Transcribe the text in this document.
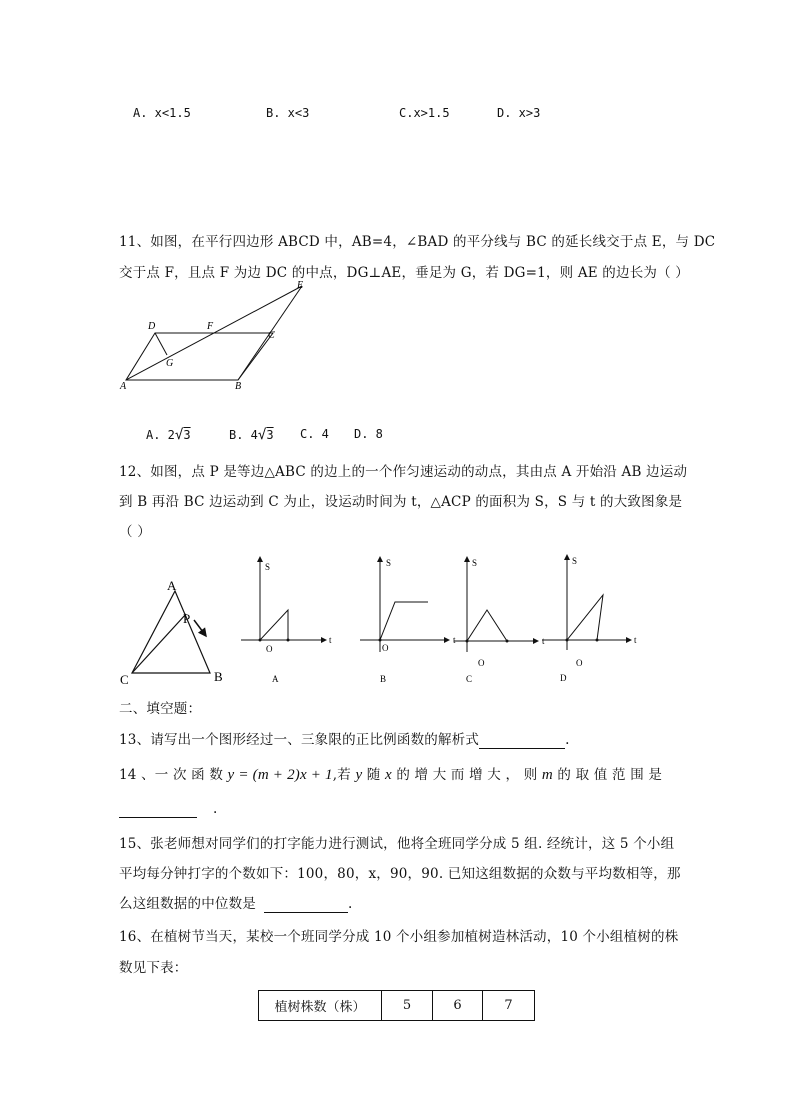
A. x<1.5	B. x<3	C.x>1.5	D. x>3
11、如图，在平行四边形 ABCD 中，AB=4，∠BAD 的平分线与 BC 的延长线交于点 E，与 DC
交于点 F，且点 F 为边 DC 的中点，DG⊥AE，垂足为 G，若 DG=1，则 AE 的边长为（ ）
D	F
C
E
G
A	B
A. 2√3	B. 4√3 C. 4 D. 8
12、如图，点 P 是等边△ABC 的边上的一个作匀速运动的动点，其由点 A 开始沿 AB 边运动
到 B 再沿 BC 边运动到 C 为止，设运动时间为 t，△ACP 的面积为 S，S 与 t 的大致图象是
（ ）
A
P
C	B
S
t
O
A
S
t
O
B
S
t
O
C
S
t
O
D
二、填空题：
13、请写出一个图形经过一、三象限的正比例函数的解析式	.
14 、一 次 函 数 y = (m + 2)x + 1,若 y 随 x 的 增 大 而 增 大 ， 则 m 的 取 值 范 围 是
.
15、张老师想对同学们的打字能力进行测试，他将全班同学分成 5 组. 经统计，这 5 个小组
平均每分钟打字的个数如下：100，80，x，90，90. 已知这组数据的众数与平均数相等，那
么这组数据的中位数是	.
16、在植树节当天，某校一个班同学分成 10 个小组参加植树造林活动，10 个小组植树的株
数见下表：
植树株数（株）	5	6	7
